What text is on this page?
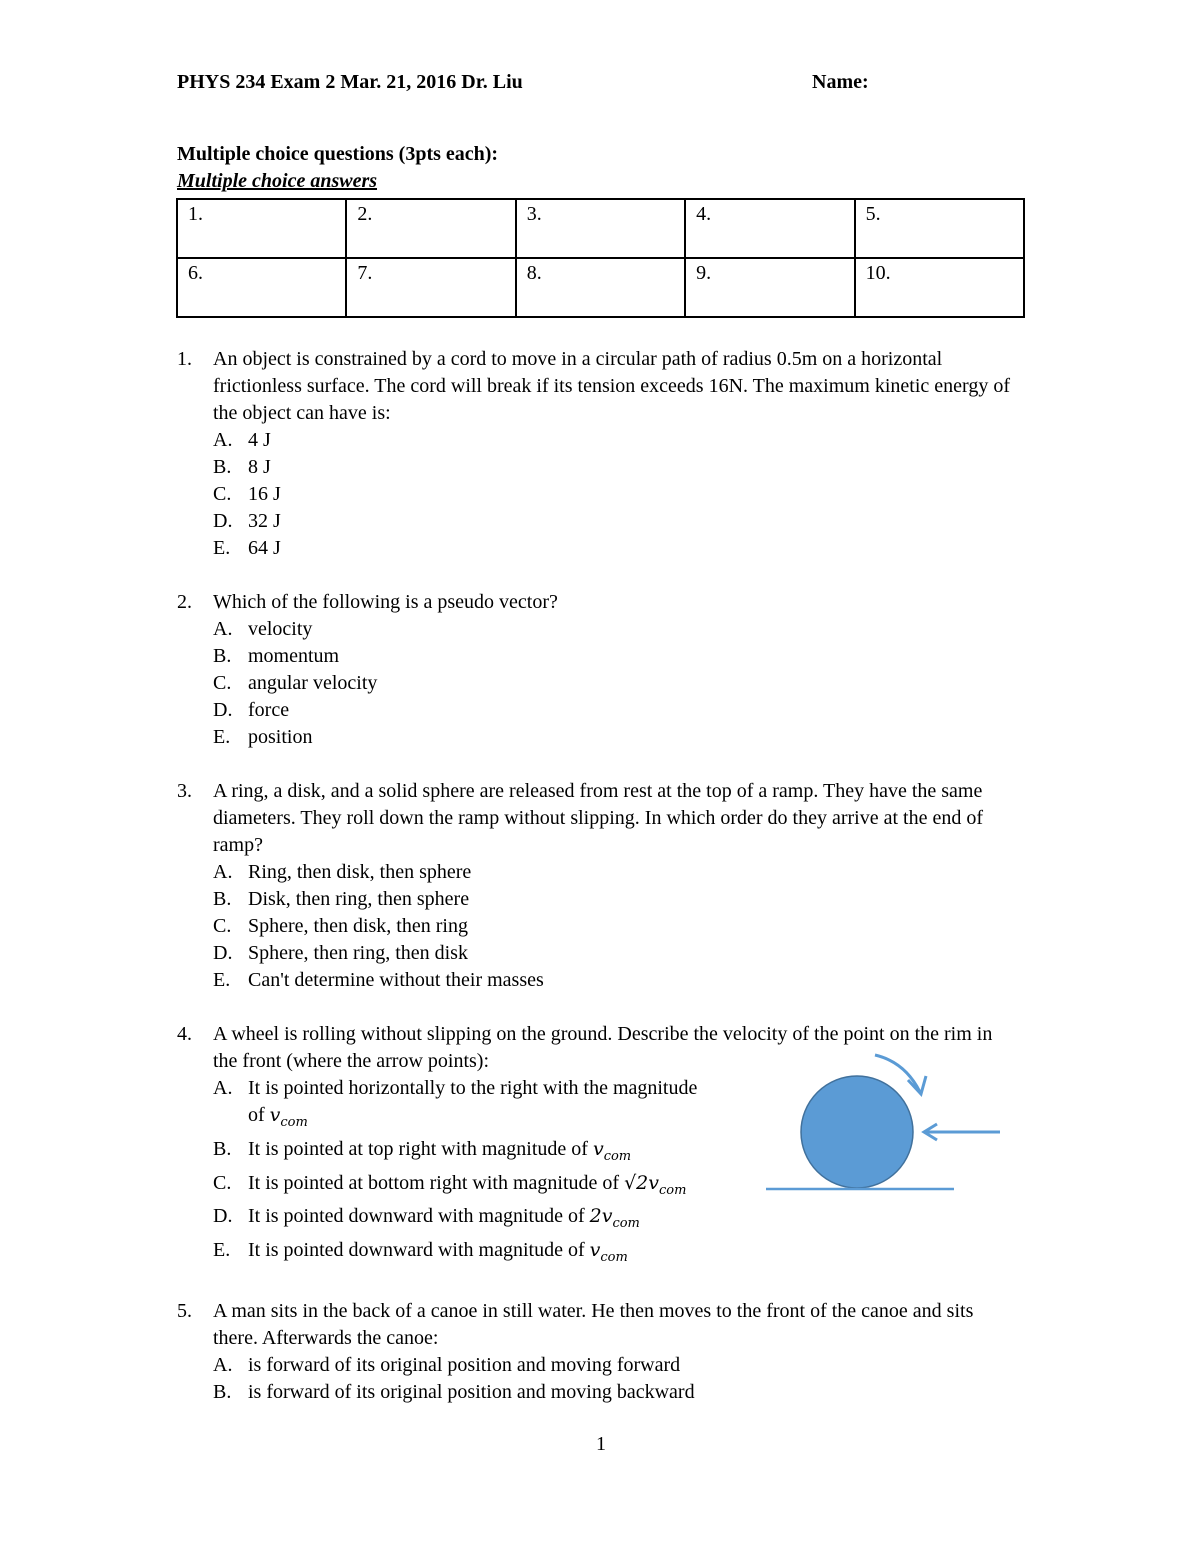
PHYS 234 Exam 2 Mar. 21, 2016 Dr. Liu	Name:
Multiple choice questions (3pts each):
Multiple choice answers
1.	2.	3.	4.	5.
6.	7.	8.	9.	10.
1. An object is constrained by a cord to move in a circular path of radius 0.5m on a horizontal frictionless surface. The cord will break if its tension exceeds 16N. The maximum kinetic energy of the object can have is:
A. 4 J
B. 8 J
C. 16 J
D. 32 J
E. 64 J
2. Which of the following is a pseudo vector?
A. velocity
B. momentum
C. angular velocity
D. force
E. position
3. A ring, a disk, and a solid sphere are released from rest at the top of a ramp. They have the same diameters. They roll down the ramp without slipping. In which order do they arrive at the end of ramp?
A. Ring, then disk, then sphere
B. Disk, then ring, then sphere
C. Sphere, then disk, then ring
D. Sphere, then ring, then disk
E. Can't determine without their masses
4. A wheel is rolling without slipping on the ground. Describe the velocity of the point on the rim in the front (where the arrow points):
A. It is pointed horizontally to the right with the magnitude of $v_{com}$
B. It is pointed at top right with magnitude of $v_{com}$
C. It is pointed at bottom right with magnitude of $√2v_{com}$
D. It is pointed downward with magnitude of $2v_{com}$
E. It is pointed downward with magnitude of $v_{com}$
5. A man sits in the back of a canoe in still water. He then moves to the front of the canoe and sits there. Afterwards the canoe:
A. is forward of its original position and moving forward
B. is forward of its original position and moving backward
1
